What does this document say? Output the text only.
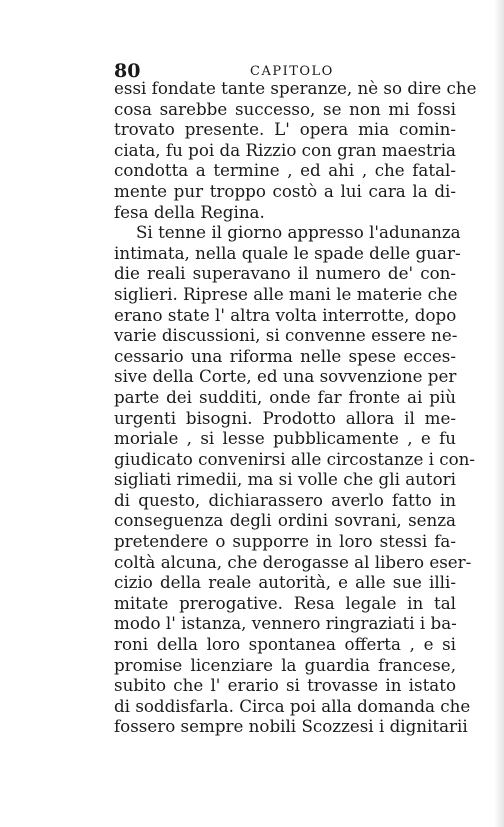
80	CAPITOLO
essi fondate tante speranze, nè so dire che
cosa sarebbe successo, se non mi fossi
trovato presente. L' opera mia comin-
ciata, fu poi da Rizzio con gran maestria
condotta a termine , ed ahi , che fatal-
mente pur troppo costò a lui cara la di-
fesa della Regina.
Si tenne il giorno appresso l'adunanza
intimata, nella quale le spade delle guar-
die reali superavano il numero de' con-
siglieri. Riprese alle mani le materie che
erano state l' altra volta interrotte, dopo
varie discussioni, si convenne essere ne-
cessario una riforma nelle spese ecces-
sive della Corte, ed una sovvenzione per
parte dei sudditi, onde far fronte ai più
urgenti bisogni. Prodotto allora il me-
moriale , si lesse pubblicamente , e fu
giudicato convenirsi alle circostanze i con-
sigliati rimedii, ma si volle che gli autori
di questo, dichiarassero averlo fatto in
conseguenza degli ordini sovrani, senza
pretendere o supporre in loro stessi fa-
coltà alcuna, che derogasse al libero eser-
cizio della reale autorità, e alle sue illi-
mitate prerogative. Resa legale in tal
modo l' istanza, vennero ringraziati i ba-
roni della loro spontanea offerta , e si
promise licenziare la guardia francese,
subito che l' erario si trovasse in istato
di soddisfarla. Circa poi alla domanda che
fossero sempre nobili Scozzesi i dignitarii
